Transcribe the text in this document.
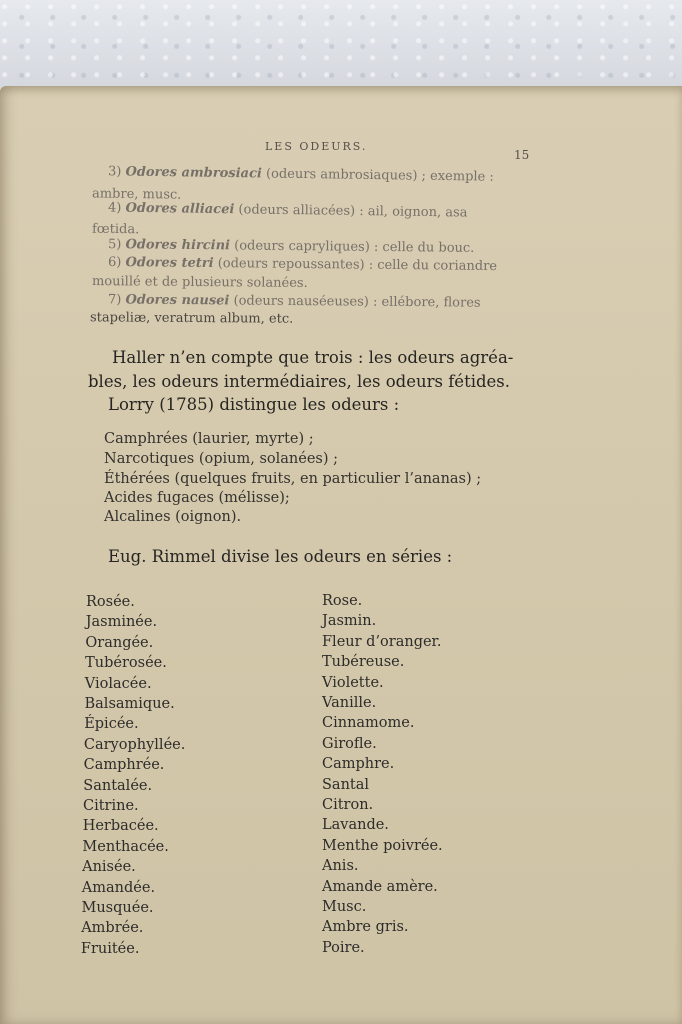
LES ODEURS.

15

3) Odores ambrosiaci (odeurs ambrosiaques) ; exemple :

ambre, musc.

4) Odores alliacei (odeurs alliacées) : ail, oignon, asa

fœtida.

5) Odores hircini (odeurs capryliques) : celle du bouc.

6) Odores tetri (odeurs repoussantes) : celle du coriandre

mouillé et de plusieurs solanées.

7) Odores nausei (odeurs nauséeuses) : ellébore, flores

stapeliæ, veratrum album, etc.

Haller n’en compte que trois : les odeurs agréa-

bles, les odeurs intermédiaires, les odeurs fétides.

Lorry (1785) distingue les odeurs :

Camphrées (laurier, myrte) ;

Narcotiques (opium, solanées) ;

Éthérées (quelques fruits, en particulier l’ananas) ;

Acides fugaces (mélisse);

Alcalines (oignon).

Eug. Rimmel divise les odeurs en séries :

Rosée.	Rose.

Jasminée.	Jasmin.

Orangée.	Fleur d’oranger.

Tubérosée.	Tubéreuse.

Violacée.	Violette.

Balsamique.	Vanille.

Épicée.	Cinnamome.

Caryophyllée.	Girofle.

Camphrée.	Camphre.

Santalée.	Santal

Citrine.	Citron.

Herbacée.	Lavande.

Menthacée.	Menthe poivrée.

Anisée.	Anis.

Amandée.	Amande amère.

Musquée.	Musc.

Ambrée.	Ambre gris.

Fruitée.	Poire.
